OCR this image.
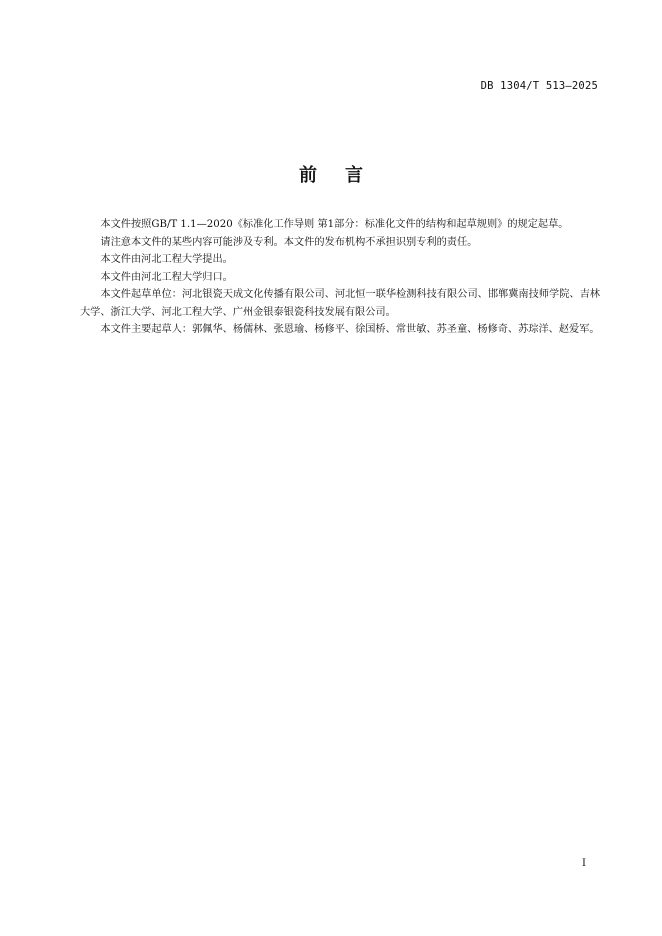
DB 1304/T 513—2025
前 言

本文件按照GB/T 1.1—2020《标准化工作导则 第1部分：标准化文件的结构和起草规则》的规定起草。

请注意本文件的某些内容可能涉及专利。本文件的发布机构不承担识别专利的责任。

本文件由河北工程大学提出。

本文件由河北工程大学归口。

本文件起草单位：河北银瓷天成文化传播有限公司、河北恒一联华检测科技有限公司、邯郸冀南技师学院、吉林大学、浙江大学、河北工程大学、广州金银泰银瓷科技发展有限公司。

本文件主要起草人：郭佩华、杨儒林、张恩瑜、杨修平、徐国桥、常世敏、苏圣童、杨修奇、苏琮洋、赵爱军。

I
